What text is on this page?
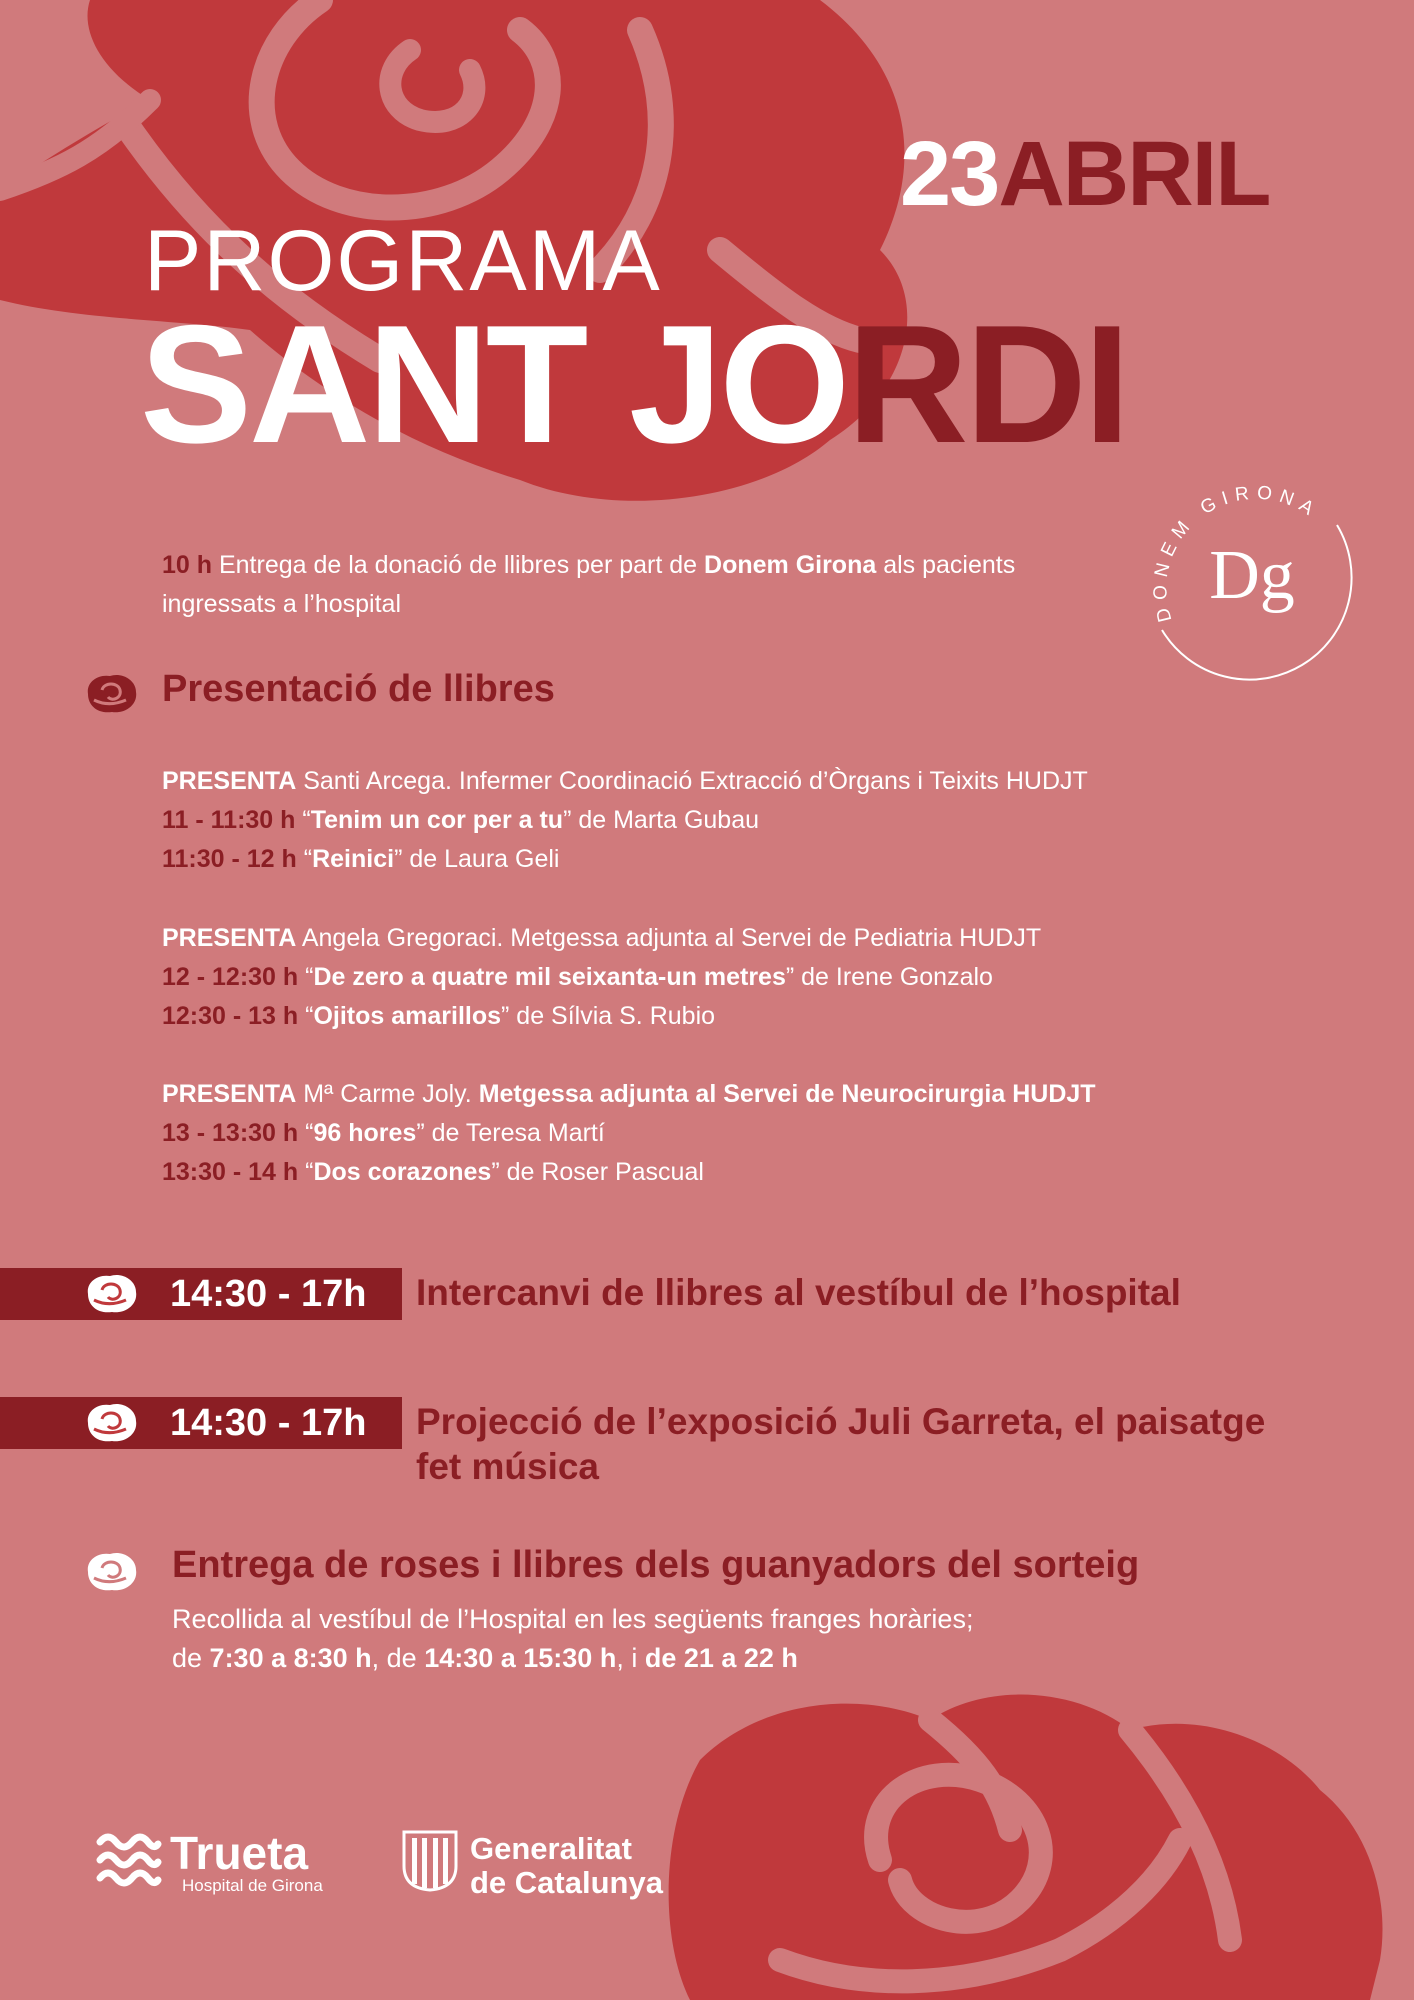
23ABRIL
PROGRAMA
SANT JORDI
DONEM GIRONA
Dg
10 h Entrega de la donació de llibres per part de Donem Girona als pacients
ingressats a l’hospital
Presentació de llibres
PRESENTA Santi Arcega. Infermer Coordinació Extracció d’Òrgans i Teixits HUDJT
11 - 11:30 h “Tenim un cor per a tu” de Marta Gubau
11:30 - 12 h “Reinici” de Laura Geli
PRESENTA Angela Gregoraci. Metgessa adjunta al Servei de Pediatria HUDJT
12 - 12:30 h “De zero a quatre mil seixanta-un metres” de Irene Gonzalo
12:30 - 13 h “Ojitos amarillos” de Sílvia S. Rubio
PRESENTA Mª Carme Joly. Metgessa adjunta al Servei de Neurocirurgia HUDJT
13 - 13:30 h “96 hores” de Teresa Martí
13:30 - 14 h “Dos corazones” de Roser Pascual
14:30 - 17h Intercanvi de llibres al vestíbul de l’hospital
14:30 - 17h Projecció de l’exposició Juli Garreta, el paisatge
fet música
Entrega de roses i llibres dels guanyadors del sorteig
Recollida al vestíbul de l’Hospital en les següents franges horàries;
de 7:30 a 8:30 h, de 14:30 a 15:30 h, i de 21 a 22 h
Trueta
Hospital de Girona
Generalitat
de Catalunya
